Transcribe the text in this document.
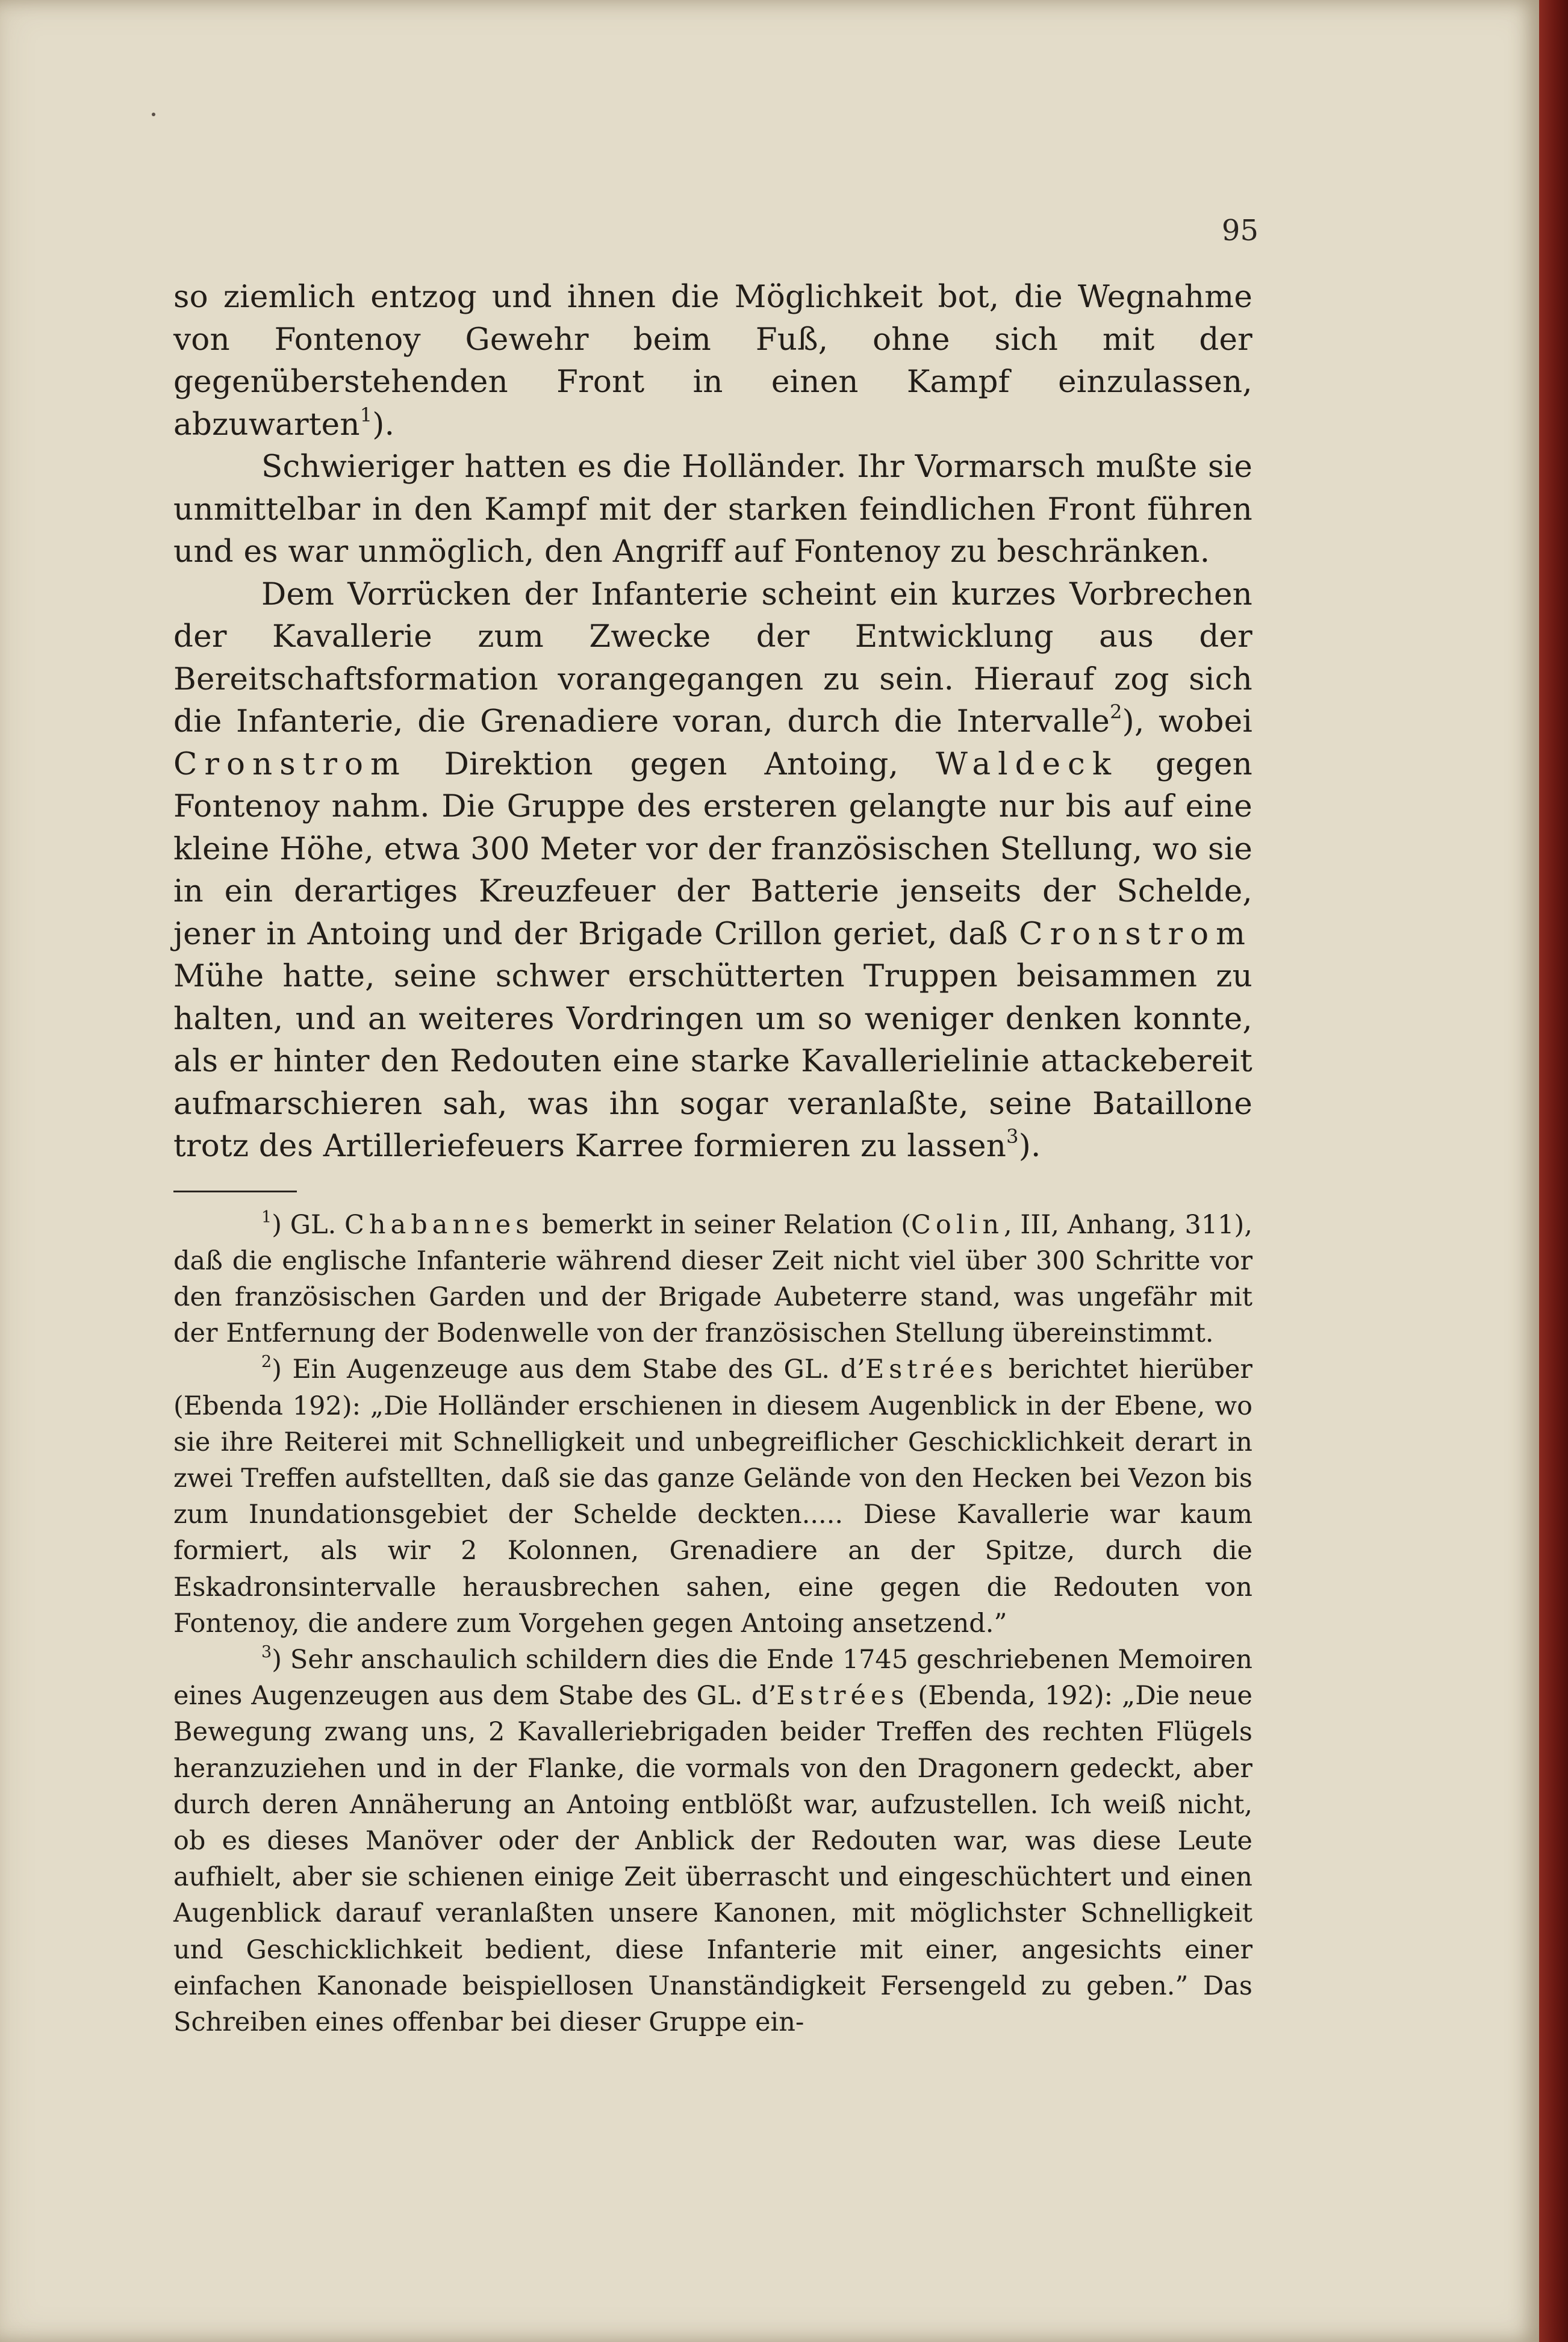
95

so ziemlich entzog und ihnen die Möglichkeit bot, die Wegnahme von Fontenoy Gewehr beim Fuß, ohne sich mit der gegenüberstehenden Front in einen Kampf einzulassen, abzuwarten$^1$).

Schwieriger hatten es die Holländer. Ihr Vormarsch mußte sie unmittelbar in den Kampf mit der starken feindlichen Front führen und es war unmöglich, den Angriff auf Fontenoy zu beschränken.

Dem Vorrücken der Infanterie scheint ein kurzes Vorbrechen der Kavallerie zum Zwecke der Entwicklung aus der Bereitschaftsformation vorangegangen zu sein. Hierauf zog sich die Infanterie, die Grenadiere voran, durch die Intervalle$^2$), wobei Cronstrom Direktion gegen Antoing, Waldeck gegen Fontenoy nahm. Die Gruppe des ersteren gelangte nur bis auf eine kleine Höhe, etwa 300 Meter vor der französischen Stellung, wo sie in ein derartiges Kreuzfeuer der Batterie jenseits der Schelde, jener in Antoing und der Brigade Crillon geriet, daß Cronstrom Mühe hatte, seine schwer erschütterten Truppen beisammen zu halten, und an weiteres Vordringen um so weniger denken konnte, als er hinter den Redouten eine starke Kavallerielinie attackebereit aufmarschieren sah, was ihn sogar veranlaßte, seine Bataillone trotz des Artilleriefeuers Karree formieren zu lassen$^3$).

$^1$) GL. Chabannes bemerkt in seiner Relation (Colin, III, Anhang, 311), daß die englische Infanterie während dieser Zeit nicht viel über 300 Schritte vor den französischen Garden und der Brigade Aubeterre stand, was ungefähr mit der Entfernung der Bodenwelle von der französischen Stellung übereinstimmt.

$^2$) Ein Augenzeuge aus dem Stabe des GL. d’Estrées berichtet hierüber (Ebenda 192): „Die Holländer erschienen in diesem Augenblick in der Ebene, wo sie ihre Reiterei mit Schnelligkeit und unbegreiflicher Geschicklichkeit derart in zwei Treffen aufstellten, daß sie das ganze Gelände von den Hecken bei Vezon bis zum Inundationsgebiet der Schelde deckten..... Diese Kavallerie war kaum formiert, als wir 2 Kolonnen, Grenadiere an der Spitze, durch die Eskadronsintervalle herausbrechen sahen, eine gegen die Redouten von Fontenoy, die andere zum Vorgehen gegen Antoing ansetzend.”

$^3$) Sehr anschaulich schildern dies die Ende 1745 geschriebenen Memoiren eines Augenzeugen aus dem Stabe des GL. d’Estrées (Ebenda, 192): „Die neue Bewegung zwang uns, 2 Kavalleriebrigaden beider Treffen des rechten Flügels heranzuziehen und in der Flanke, die vormals von den Dragonern gedeckt, aber durch deren Annäherung an Antoing entblößt war, aufzustellen. Ich weiß nicht, ob es dieses Manöver oder der Anblick der Redouten war, was diese Leute aufhielt, aber sie schienen einige Zeit überrascht und eingeschüchtert und einen Augenblick darauf veranlaßten unsere Kanonen, mit möglichster Schnelligkeit und Geschicklichkeit bedient, diese Infanterie mit einer, angesichts einer einfachen Kanonade beispiellosen Unanständigkeit Fersengeld zu geben.” Das Schreiben eines offenbar bei dieser Gruppe ein-
